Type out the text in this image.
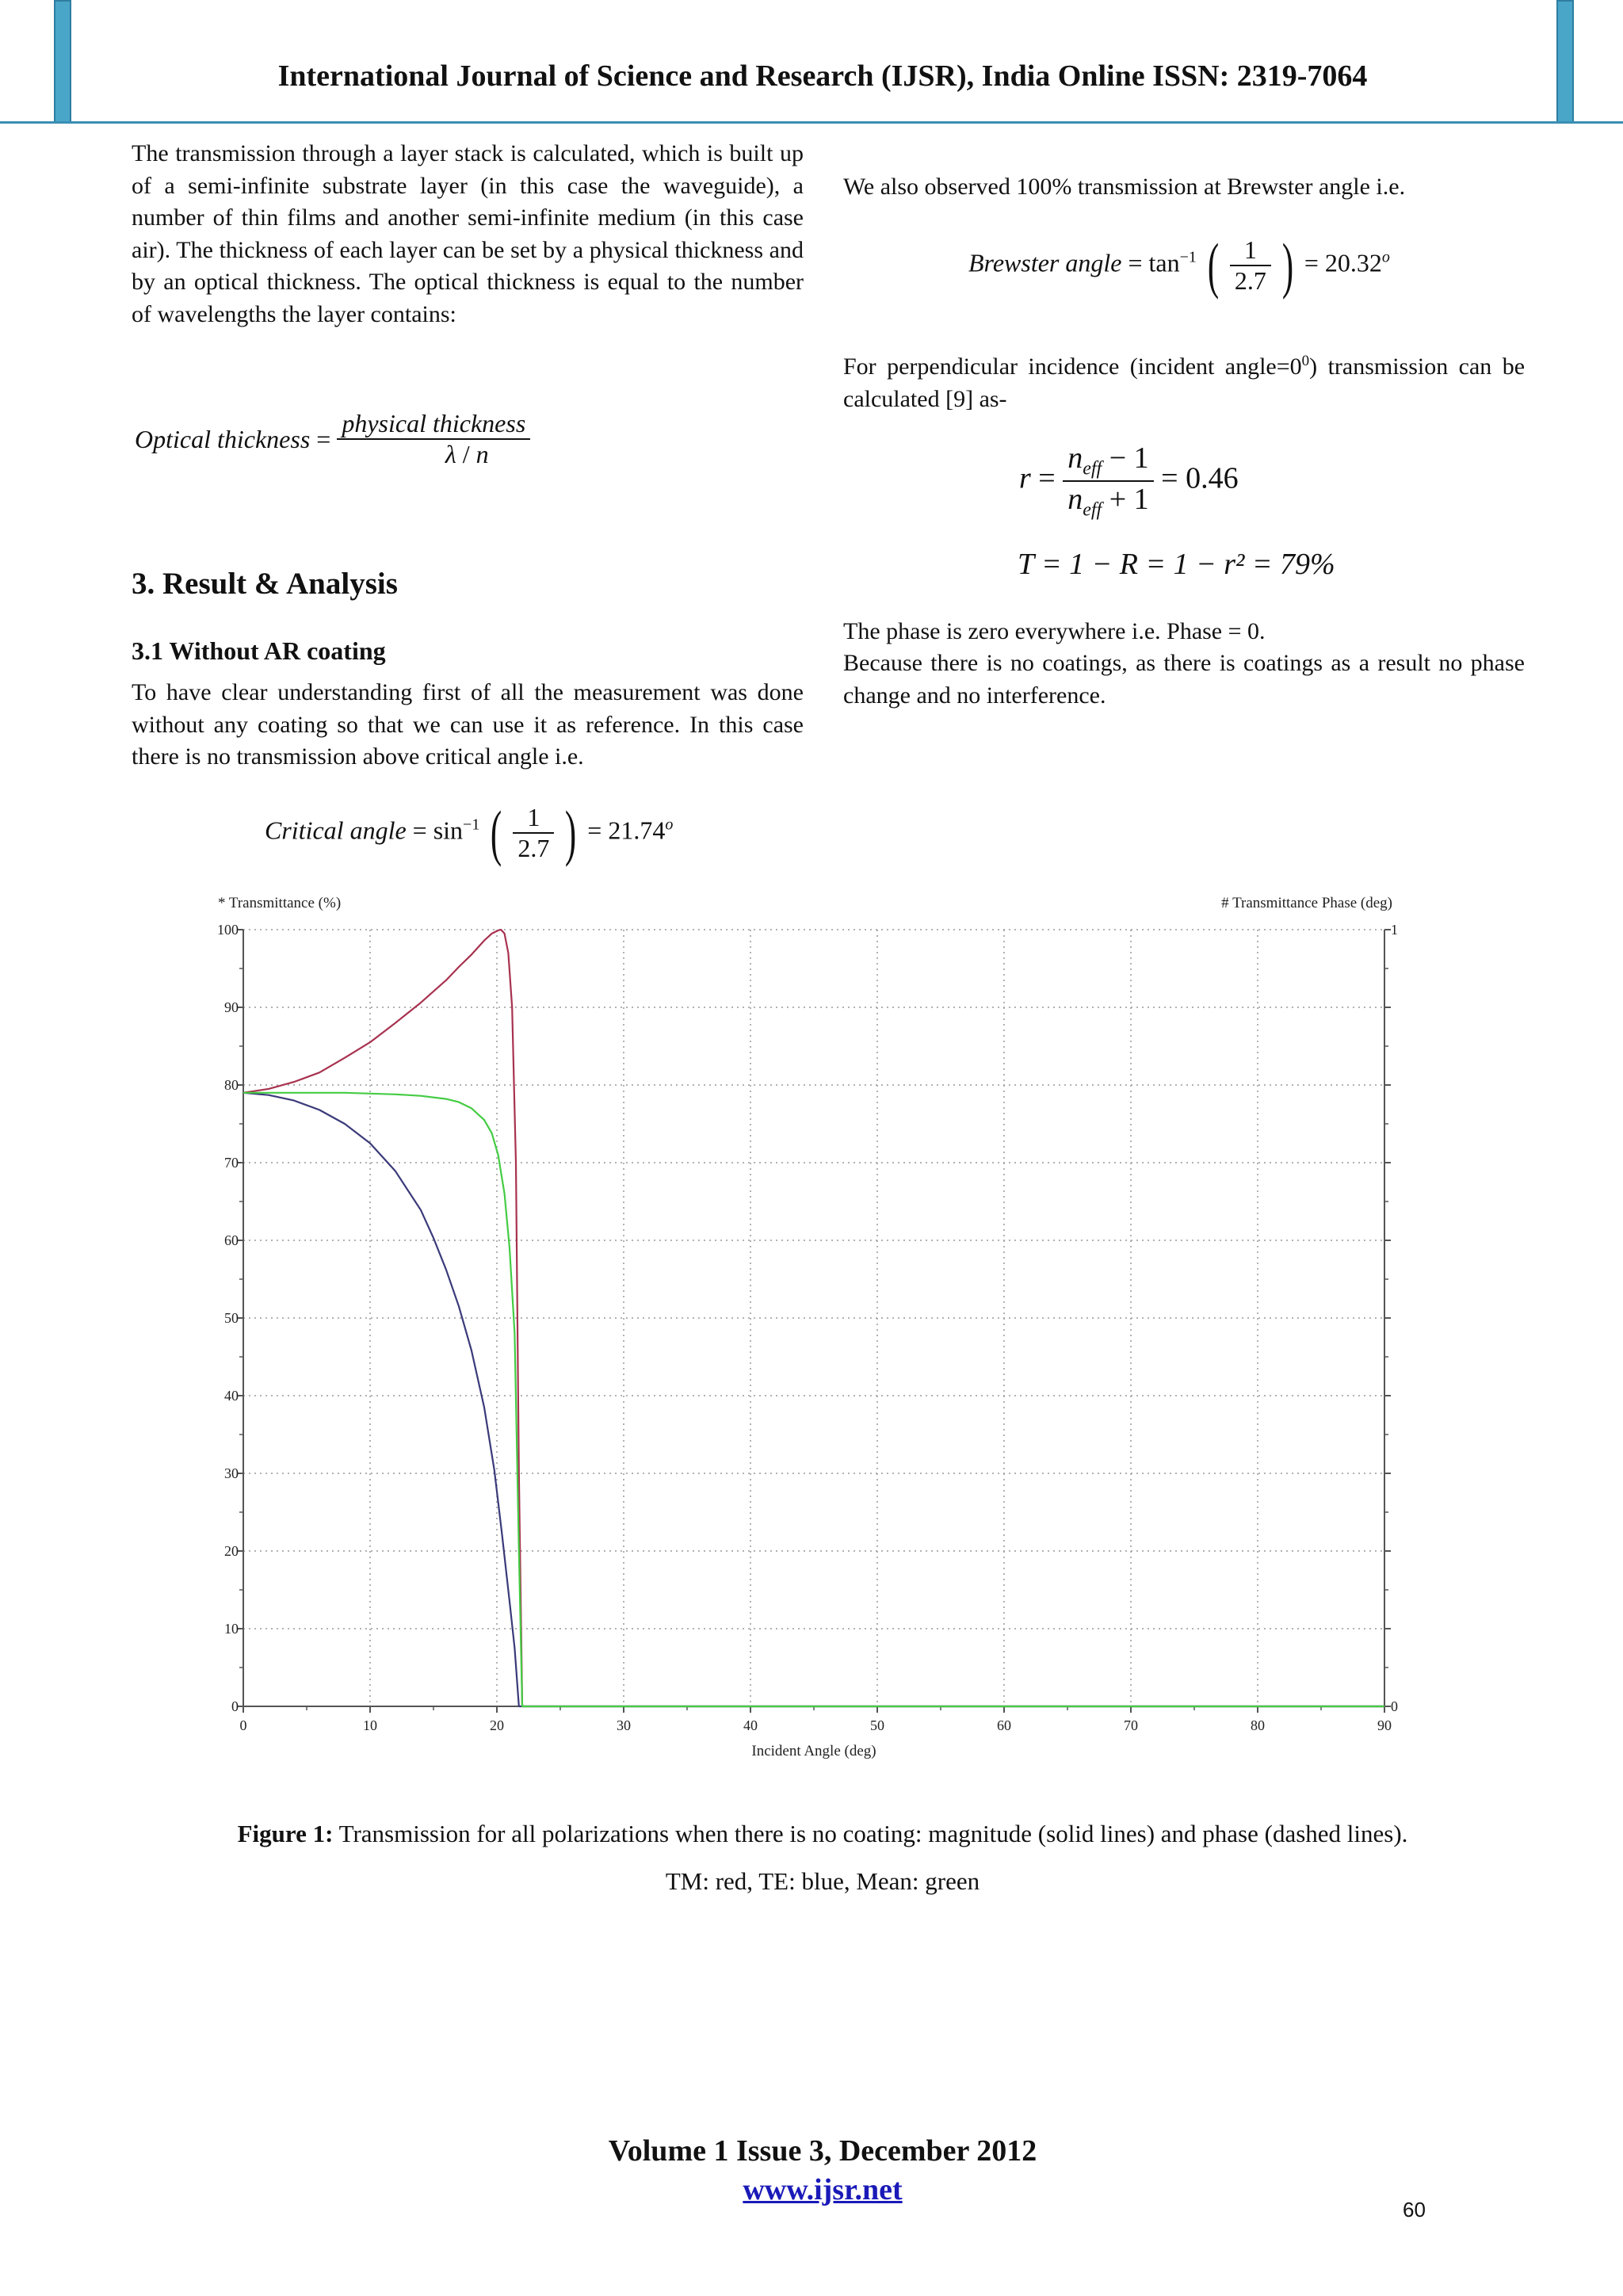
International Journal of Science and Research (IJSR), India Online ISSN: 2319-7064
The transmission through a layer stack is calculated, which is built up of a semi-infinite substrate layer (in this case the waveguide), a number of thin films and another semi-infinite medium (in this case air). The thickness of each layer can be set by a physical thickness and by an optical thickness. The optical thickness is equal to the number of wavelengths the layer contains:
Optical thickness = $\frac{\text{physical thickness}}{\lambda / n}$
3. Result & Analysis
3.1 Without AR coating
To have clear understanding first of all the measurement was done without any coating so that we can use it as reference. In this case there is no transmission above critical angle i.e.
Critical angle = $\sin^{-1}$ ( $\frac{1}{2.7}$ ) = $21.74^o$
We also observed 100% transmission at Brewster angle i.e.
Brewster angle = $\tan^{-1}$ ( $\frac{1}{2.7}$ ) = $20.32^o$
For perpendicular incidence (incident $angle=0^0$) transmission can be calculated [9] as-
$r = \frac{n_{eff} - 1}{n_{eff} + 1} = 0.46$
T = 1 − R = 1 − r² = 79%
The phase is zero everywhere i.e. Phase = 0.
Because there is no coatings, as there is coatings as a result no phase change and no interference.
0	10	20	30	40	50	60	70	80	90
0
10
20
30
40
50
60
70
80
90
100
0
1
* Transmittance (%)	# Transmittance Phase (deg)
Incident Angle (deg)
Figure 1: Transmission for all polarizations when there is no coating: magnitude (solid lines) and phase (dashed lines).
TM: red, TE: blue, Mean: green
Volume 1 Issue 3, December 2012
www.ijsr.net
60
